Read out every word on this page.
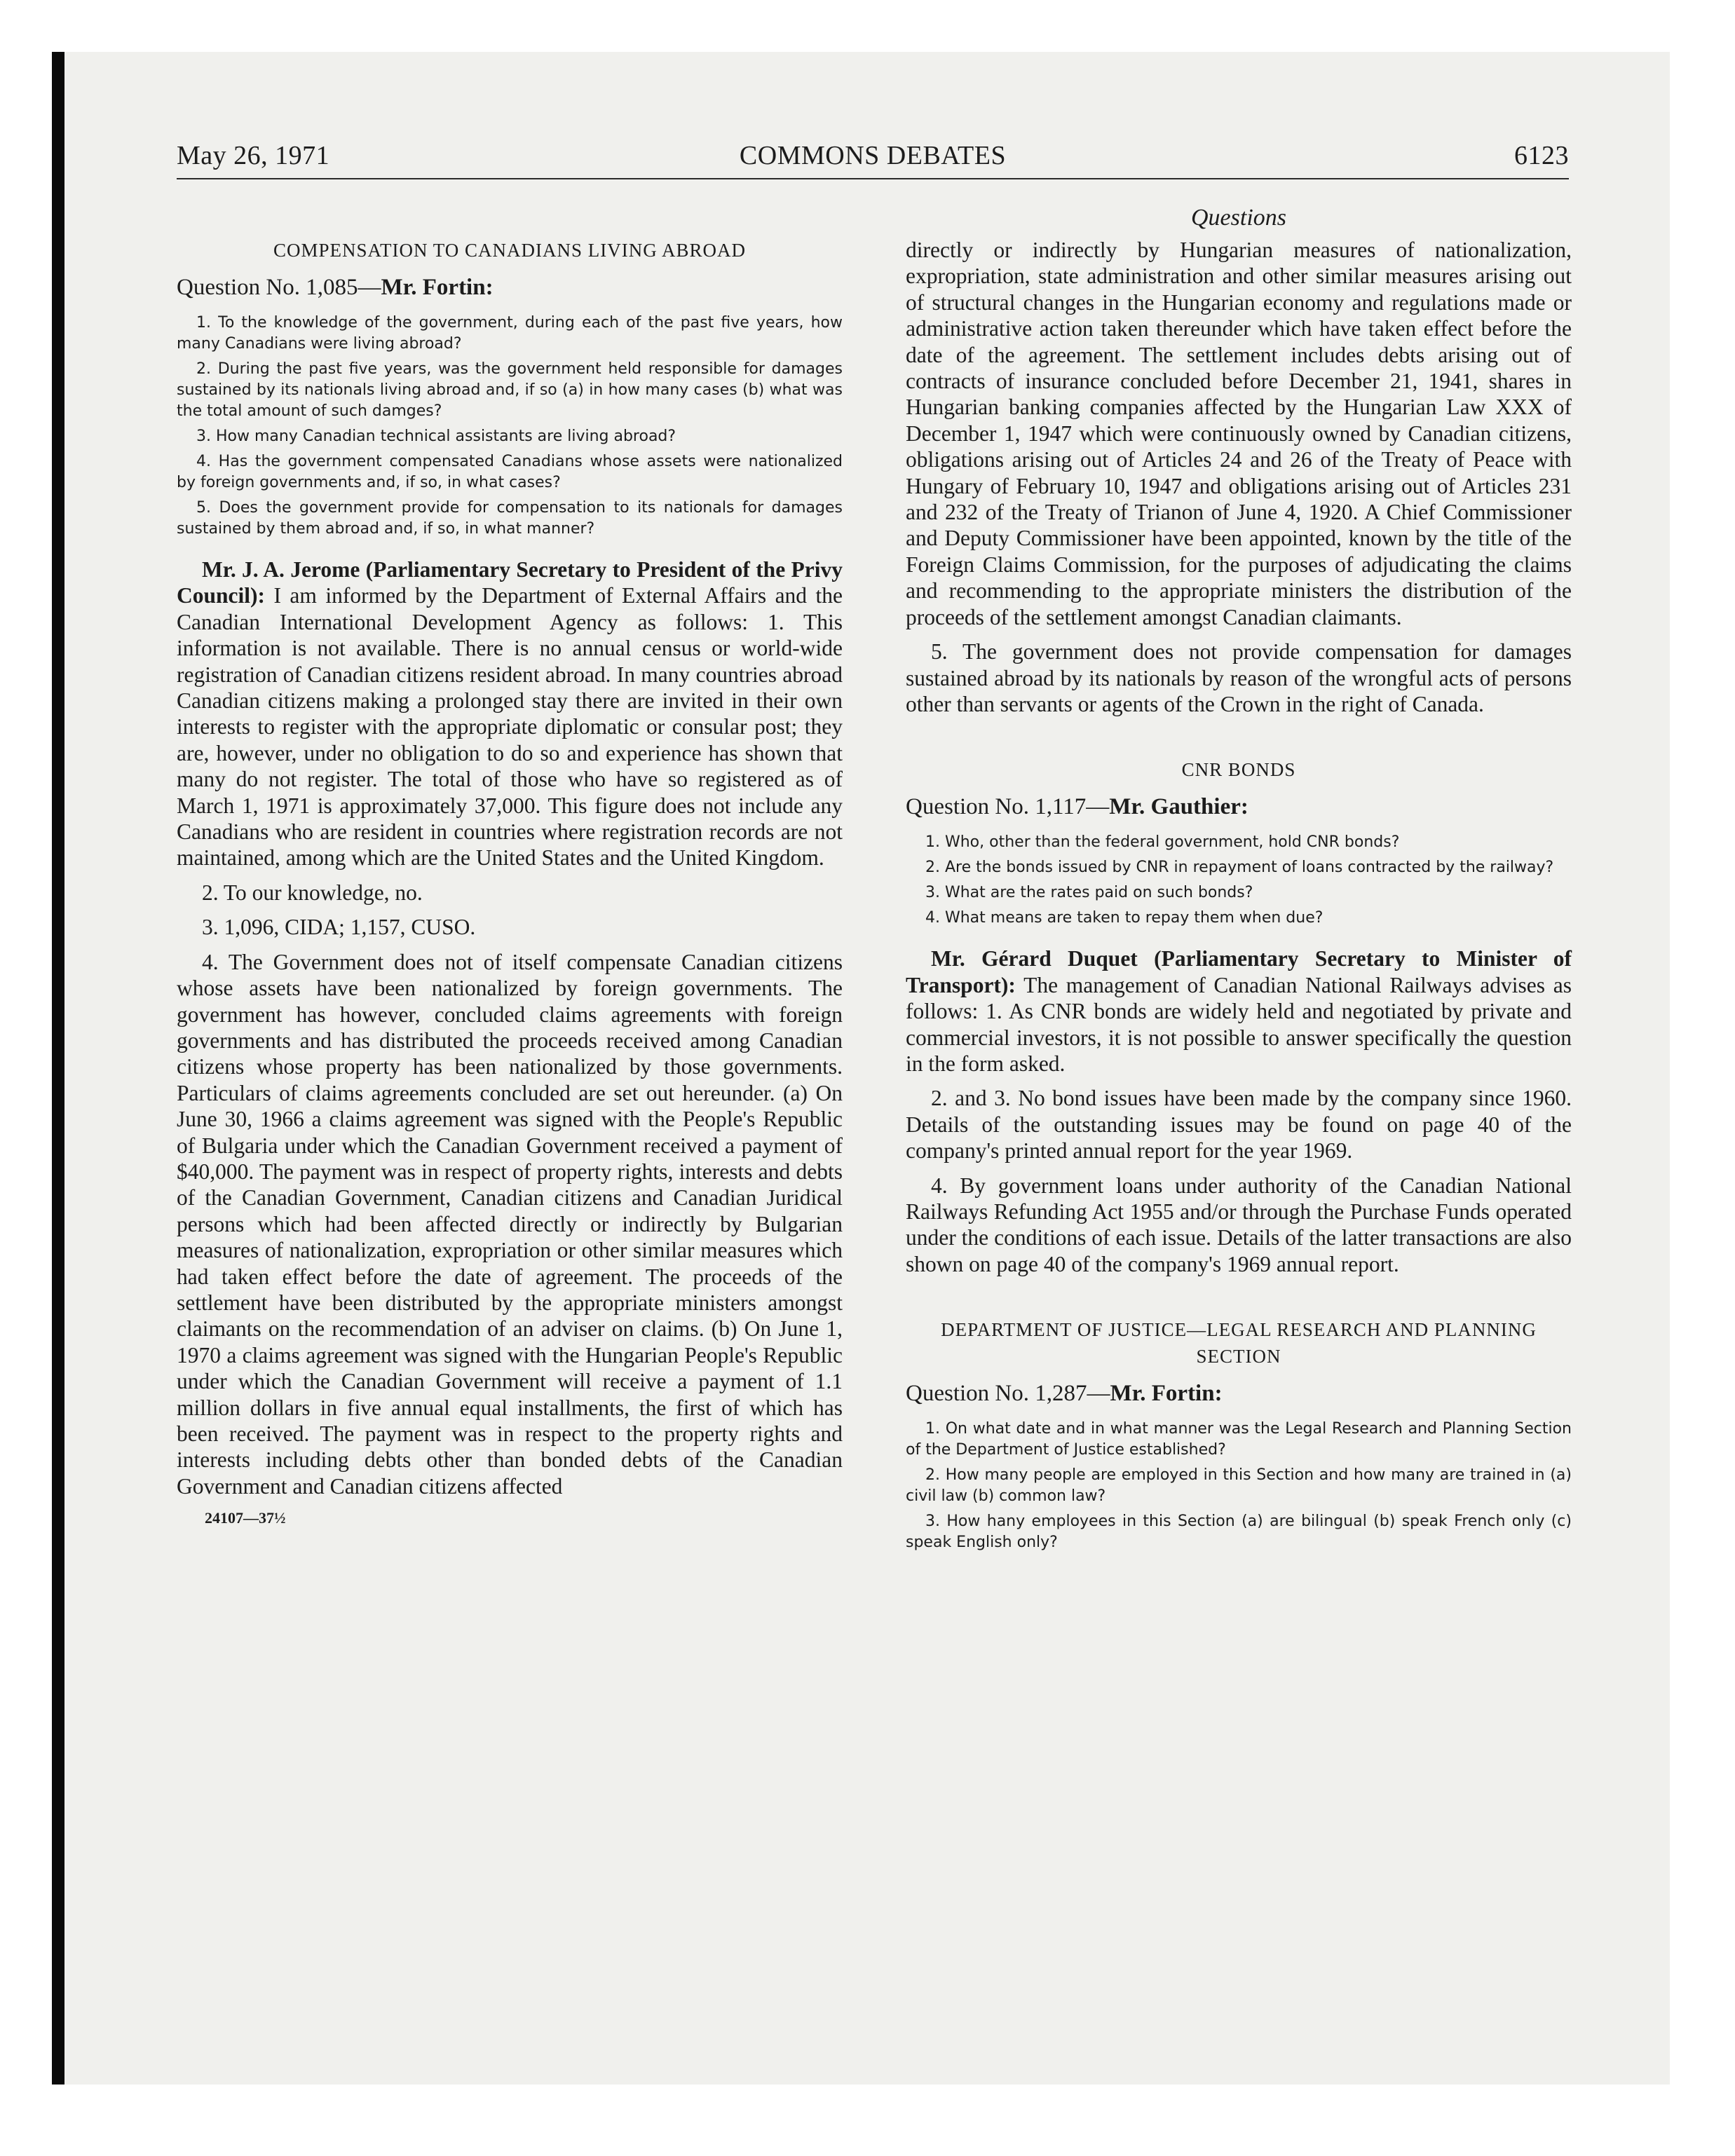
May 26, 1971	COMMONS DEBATES	6123
COMPENSATION TO CANADIANS LIVING ABROAD
Question No. 1,085—Mr. Fortin:

1. To the knowledge of the government, during each of the past five years, how many Canadians were living abroad?

2. During the past five years, was the government held responsible for damages sustained by its nationals living abroad and, if so (a) in how many cases (b) what was the total amount of such damges?

3. How many Canadian technical assistants are living abroad?

4. Has the government compensated Canadians whose assets were nationalized by foreign governments and, if so, in what cases?

5. Does the government provide for compensation to its nationals for damages sustained by them abroad and, if so, in what manner?

Mr. J. A. Jerome (Parliamentary Secretary to President of the Privy Council): I am informed by the Department of External Affairs and the Canadian International Development Agency as follows: 1. This information is not available. There is no annual census or world-wide registration of Canadian citizens resident abroad. In many countries abroad Canadian citizens making a prolonged stay there are invited in their own interests to register with the appropriate diplomatic or consular post; they are, however, under no obligation to do so and experience has shown that many do not register. The total of those who have so registered as of March 1, 1971 is approximately 37,000. This figure does not include any Canadians who are resident in countries where registration records are not maintained, among which are the United States and the United Kingdom.

2. To our knowledge, no.

3. 1,096, CIDA; 1,157, CUSO.

4. The Government does not of itself compensate Canadian citizens whose assets have been nationalized by foreign governments. The government has however, concluded claims agreements with foreign governments and has distributed the proceeds received among Canadian citizens whose property has been nationalized by those governments. Particulars of claims agreements concluded are set out hereunder. (a) On June 30, 1966 a claims agreement was signed with the People's Republic of Bulgaria under which the Canadian Government received a payment of $40,000. The payment was in respect of property rights, interests and debts of the Canadian Government, Canadian citizens and Canadian Juridical persons which had been affected directly or indirectly by Bulgarian measures of nationalization, expropriation or other similar measures which had taken effect before the date of agreement. The proceeds of the settlement have been distributed by the appropriate ministers amongst claimants on the recommendation of an adviser on claims. (b) On June 1, 1970 a claims agreement was signed with the Hungarian People's Republic under which the Canadian Government will receive a payment of 1.1 million dollars in five annual equal installments, the first of which has been received. The payment was in respect to the property rights and interests including debts other than bonded debts of the Canadian Government and Canadian citizens affected

24107—37½
Questions

directly or indirectly by Hungarian measures of nationalization, expropriation, state administration and other similar measures arising out of structural changes in the Hungarian economy and regulations made or administrative action taken thereunder which have taken effect before the date of the agreement. The settlement includes debts arising out of contracts of insurance concluded before December 21, 1941, shares in Hungarian banking companies affected by the Hungarian Law XXX of December 1, 1947 which were continuously owned by Canadian citizens, obligations arising out of Articles 24 and 26 of the Treaty of Peace with Hungary of February 10, 1947 and obligations arising out of Articles 231 and 232 of the Treaty of Trianon of June 4, 1920. A Chief Commissioner and Deputy Commissioner have been appointed, known by the title of the Foreign Claims Commission, for the purposes of adjudicating the claims and recommending to the appropriate ministers the distribution of the proceeds of the settlement amongst Canadian claimants.

5. The government does not provide compensation for damages sustained abroad by its nationals by reason of the wrongful acts of persons other than servants or agents of the Crown in the right of Canada.

CNR BONDS
Question No. 1,117—Mr. Gauthier:

1. Who, other than the federal government, hold CNR bonds?

2. Are the bonds issued by CNR in repayment of loans contracted by the railway?

3. What are the rates paid on such bonds?

4. What means are taken to repay them when due?

Mr. Gérard Duquet (Parliamentary Secretary to Minister of Transport): The management of Canadian National Railways advises as follows: 1. As CNR bonds are widely held and negotiated by private and commercial investors, it is not possible to answer specifically the question in the form asked.

2. and 3. No bond issues have been made by the company since 1960. Details of the outstanding issues may be found on page 40 of the company's printed annual report for the year 1969.

4. By government loans under authority of the Canadian National Railways Refunding Act 1955 and/or through the Purchase Funds operated under the conditions of each issue. Details of the latter transactions are also shown on page 40 of the company's 1969 annual report.

DEPARTMENT OF JUSTICE—LEGAL RESEARCH AND PLANNING SECTION
Question No. 1,287—Mr. Fortin:

1. On what date and in what manner was the Legal Research and Planning Section of the Department of Justice established?

2. How many people are employed in this Section and how many are trained in (a) civil law (b) common law?

3. How hany employees in this Section (a) are bilingual (b) speak French only (c) speak English only?
